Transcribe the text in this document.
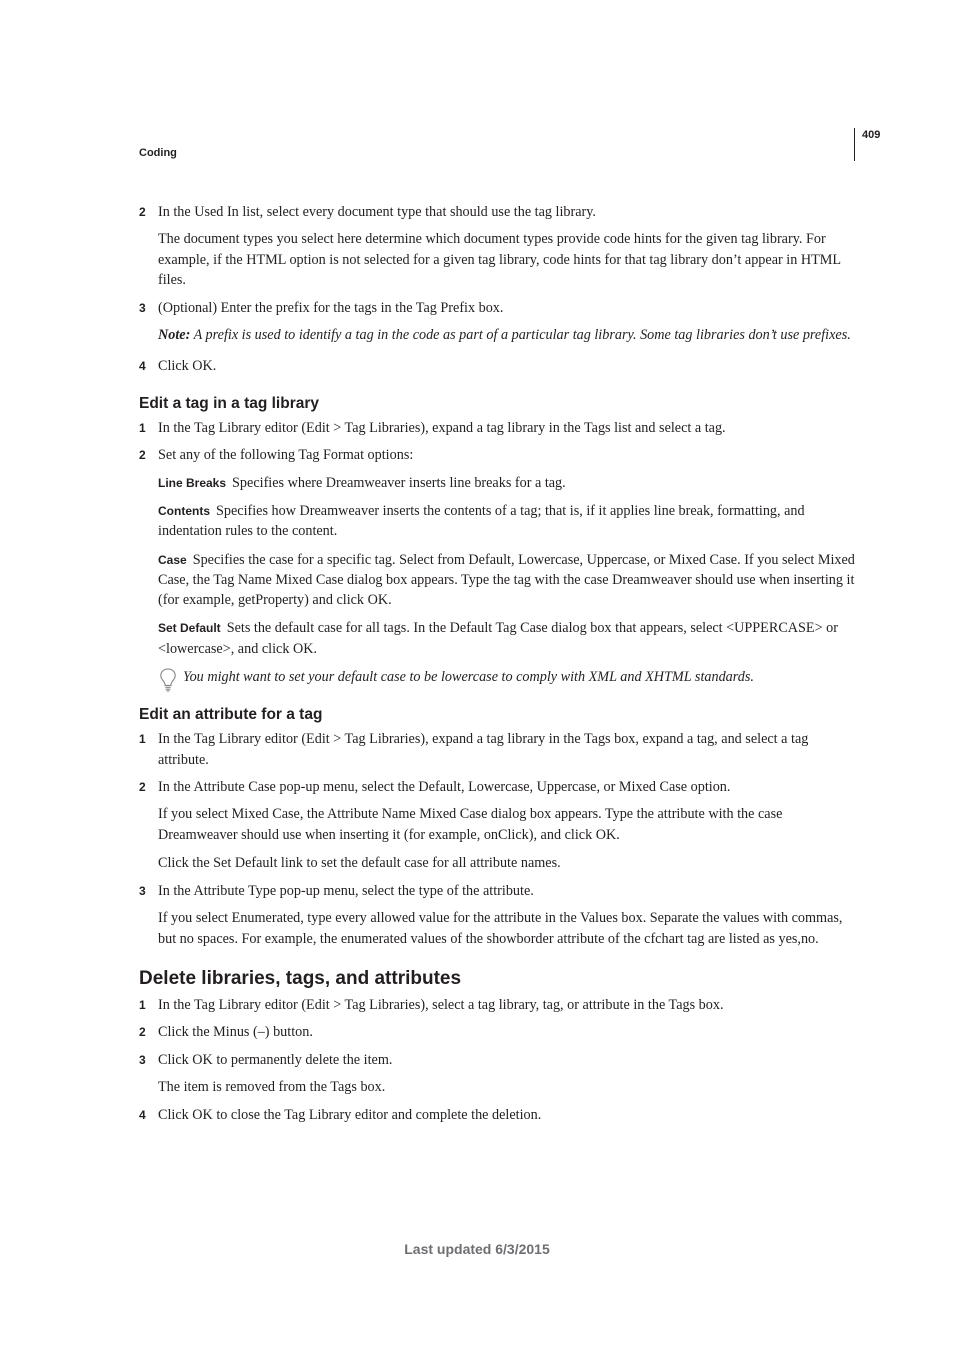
409
Coding
2 In the Used In list, select every document type that should use the tag library.

The document types you select here determine which document types provide code hints for the given tag library. For example, if the HTML option is not selected for a given tag library, code hints for that tag library don’t appear in HTML files.

3 (Optional) Enter the prefix for the tags in the Tag Prefix box.

Note: A prefix is used to identify a tag in the code as part of a particular tag library. Some tag libraries don’t use prefixes.

4 Click OK.
Edit a tag in a tag library
1 In the Tag Library editor (Edit > Tag Libraries), expand a tag library in the Tags list and select a tag.
2 Set any of the following Tag Format options:

Line Breaks Specifies where Dreamweaver inserts line breaks for a tag.

Contents Specifies how Dreamweaver inserts the contents of a tag; that is, if it applies line break, formatting, and indentation rules to the content.

Case Specifies the case for a specific tag. Select from Default, Lowercase, Uppercase, or Mixed Case. If you select Mixed Case, the Tag Name Mixed Case dialog box appears. Type the tag with the case Dreamweaver should use when inserting it (for example, getProperty) and click OK.

Set Default Sets the default case for all tags. In the Default Tag Case dialog box that appears, select <UPPERCASE> or <lowercase>, and click OK.

You might want to set your default case to be lowercase to comply with XML and XHTML standards.
Edit an attribute for a tag
1 In the Tag Library editor (Edit > Tag Libraries), expand a tag library in the Tags box, expand a tag, and select a tag attribute.
2 In the Attribute Case pop-up menu, select the Default, Lowercase, Uppercase, or Mixed Case option.

If you select Mixed Case, the Attribute Name Mixed Case dialog box appears. Type the attribute with the case Dreamweaver should use when inserting it (for example, onClick), and click OK.

Click the Set Default link to set the default case for all attribute names.

3 In the Attribute Type pop-up menu, select the type of the attribute.

If you select Enumerated, type every allowed value for the attribute in the Values box. Separate the values with commas, but no spaces. For example, the enumerated values of the showborder attribute of the cfchart tag are listed as yes,no.

Delete libraries, tags, and attributes
1 In the Tag Library editor (Edit > Tag Libraries), select a tag library, tag, or attribute in the Tags box.
2 Click the Minus (–) button.
3 Click OK to permanently delete the item.

The item is removed from the Tags box.

4 Click OK to close the Tag Library editor and complete the deletion.
Last updated 6/3/2015
